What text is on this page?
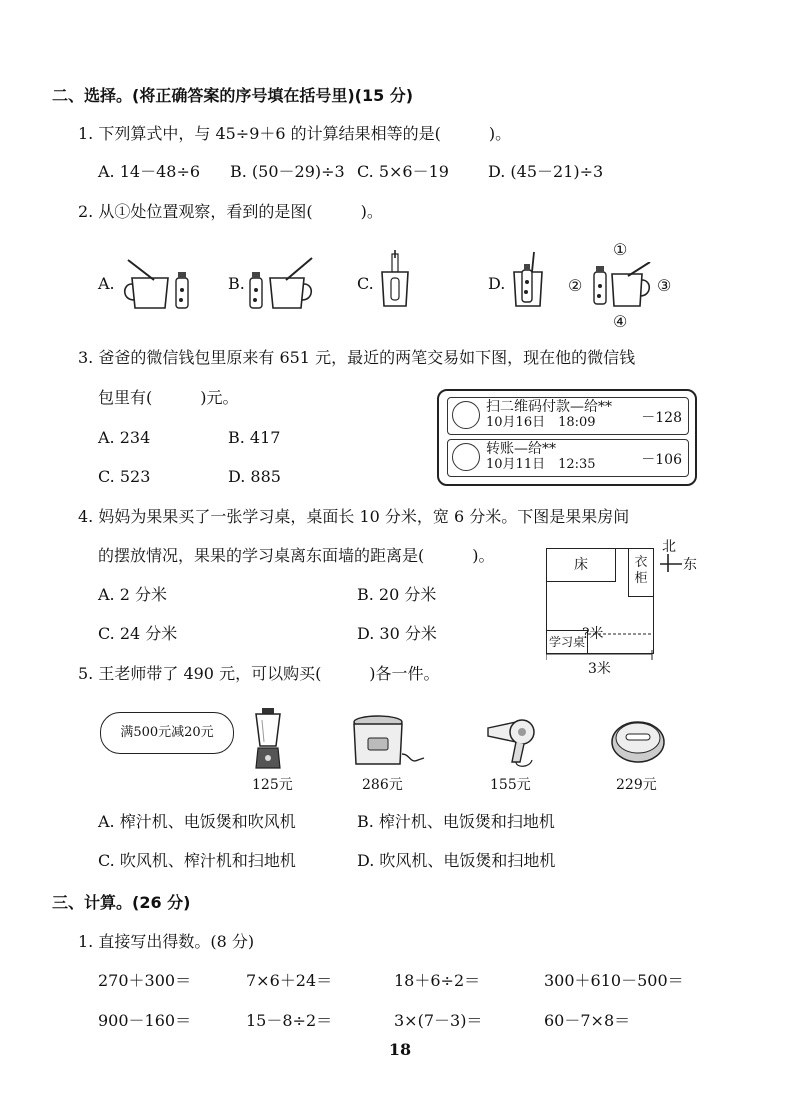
二、选择。(将正确答案的序号填在括号里)(15 分)
1. 下列算式中，与 45÷9＋6 的计算结果相等的是(　　　)。
A. 14－48÷6 B. (50－29)÷3 C. 5×6－19 D. (45－21)÷3
2. 从①处位置观察，看到的是图(　　　)。
A.	B.	C.	D.
①
②	③
④
3. 爸爸的微信钱包里原来有 651 元，最近的两笔交易如下图，现在他的微信钱
包里有(　　　)元。
A. 234	B. 417
C. 523	D. 885
扫二维码付款—给**
10月16日　18:09	－128
转账—给**
10月11日　12:35	－106
4. 妈妈为果果买了一张学习桌，桌面长 10 分米，宽 6 分米。下图是果果房间
的摆放情况，果果的学习桌离东面墙的距离是(　　　)。
A. 2 分米	B. 20 分米
C. 24 分米	D. 30 分米
床	衣
柜
学习桌
?米
3米
北
东
5. 王老师带了 490 元，可以购买(　　　)各一件。
满500元减20元
125元	286元	155元	229元
A. 榨汁机、电饭煲和吹风机	B. 榨汁机、电饭煲和扫地机
C. 吹风机、榨汁机和扫地机	D. 吹风机、电饭煲和扫地机
三、计算。(26 分)
1. 直接写出得数。(8 分)
270＋300＝	7×6＋24＝	18＋6÷2＝	300＋610－500＝
900－160＝	15－8÷2＝	3×(7－3)＝	60－7×8＝
18
